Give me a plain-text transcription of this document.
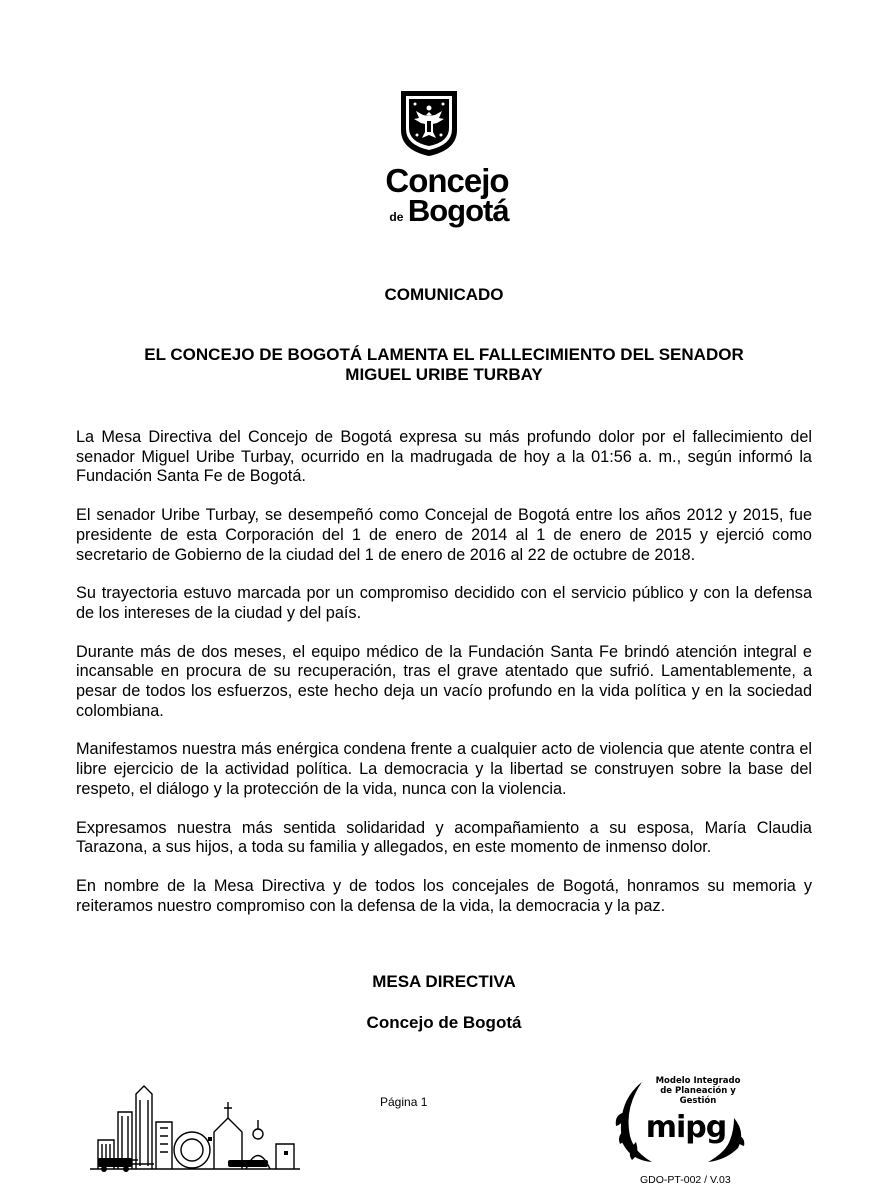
Concejo
de Bogotá
COMUNICADO
EL CONCEJO DE BOGOTÁ LAMENTA EL FALLECIMIENTO DEL SENADOR
MIGUEL URIBE TURBAY

La Mesa Directiva del Concejo de Bogotá expresa su más profundo dolor por el fallecimiento del senador Miguel Uribe Turbay, ocurrido en la madrugada de hoy a la 01:56 a. m., según informó la Fundación Santa Fe de Bogotá.

El senador Uribe Turbay, se desempeñó como Concejal de Bogotá entre los años 2012 y 2015, fue presidente de esta Corporación del 1 de enero de 2014 al 1 de enero de 2015 y ejerció como secretario de Gobierno de la ciudad del 1 de enero de 2016 al 22 de octubre de 2018.

Su trayectoria estuvo marcada por un compromiso decidido con el servicio público y con la defensa de los intereses de la ciudad y del país.

Durante más de dos meses, el equipo médico de la Fundación Santa Fe brindó atención integral e incansable en procura de su recuperación, tras el grave atentado que sufrió. Lamentablemente, a pesar de todos los esfuerzos, este hecho deja un vacío profundo en la vida política y en la sociedad colombiana.

Manifestamos nuestra más enérgica condena frente a cualquier acto de violencia que atente contra el libre ejercicio de la actividad política. La democracia y la libertad se construyen sobre la base del respeto, el diálogo y la protección de la vida, nunca con la violencia.

Expresamos nuestra más sentida solidaridad y acompañamiento a su esposa, María Claudia Tarazona, a sus hijos, a toda su familia y allegados, en este momento de inmenso dolor.

En nombre de la Mesa Directiva y de todos los concejales de Bogotá, honramos su memoria y reiteramos nuestro compromiso con la defensa de la vida, la democracia y la paz.

MESA DIRECTIVA
Concejo de Bogotá
Página 1
Modelo Integrado
de Planeación y
Gestión
mipg
GDO-PT-002 / V.03
